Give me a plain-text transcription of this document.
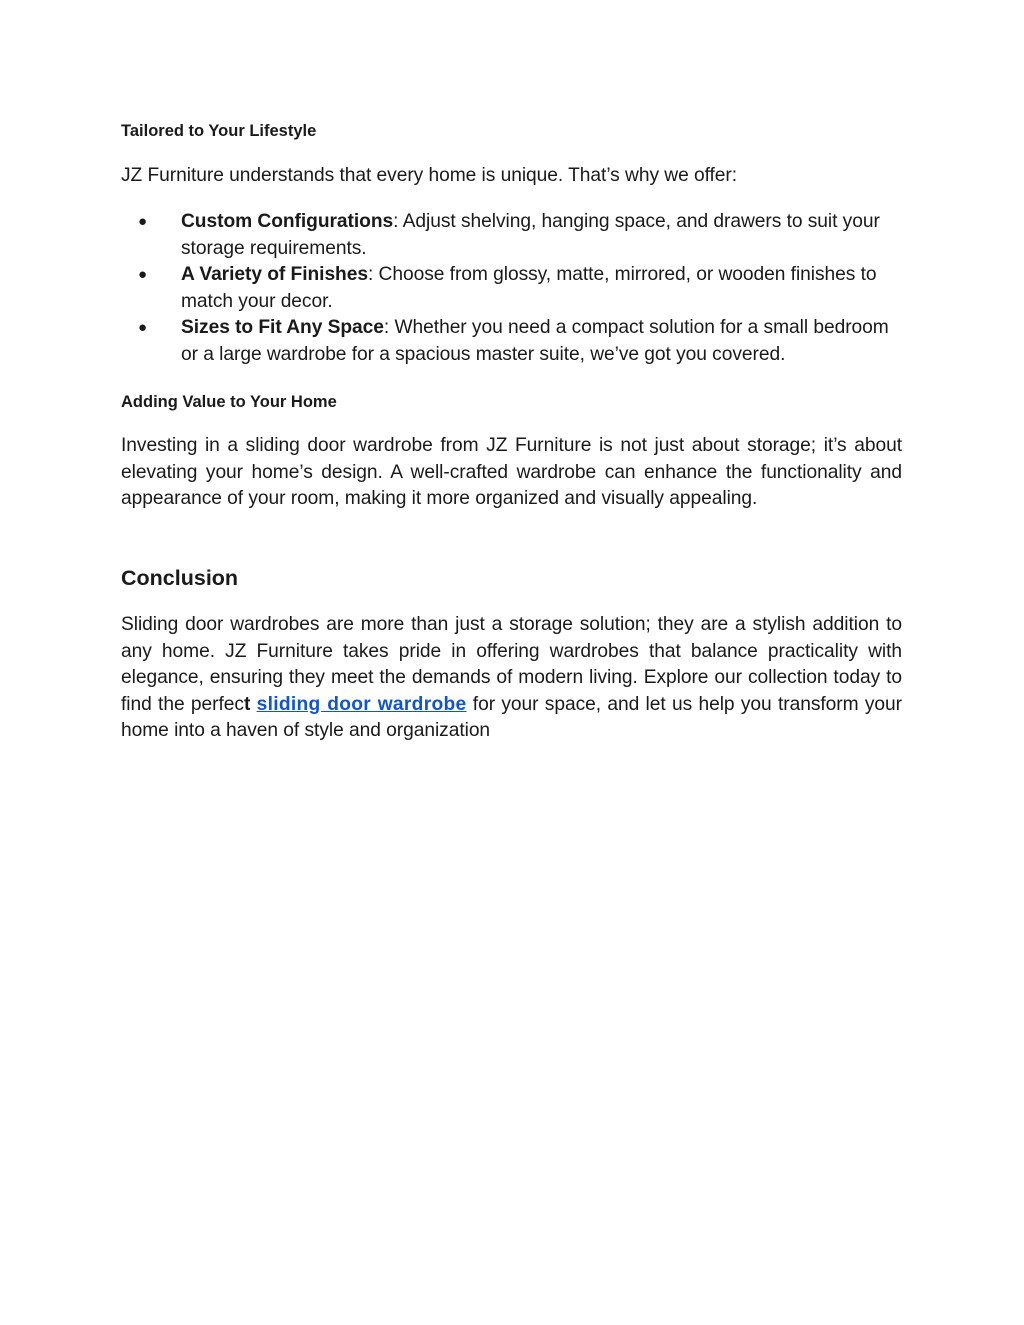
Tailored to Your Lifestyle
JZ Furniture understands that every home is unique. That’s why we offer:
● Custom Configurations: Adjust shelving, hanging space, and drawers to suit your storage requirements.
● A Variety of Finishes: Choose from glossy, matte, mirrored, or wooden finishes to match your decor.
● Sizes to Fit Any Space: Whether you need a compact solution for a small bedroom or a large wardrobe for a spacious master suite, we’ve got you covered.
Adding Value to Your Home
Investing in a sliding door wardrobe from JZ Furniture is not just about storage; it’s about elevating your home’s design. A well-crafted wardrobe can enhance the functionality and appearance of your room, making it more organized and visually appealing.
Conclusion
Sliding door wardrobes are more than just a storage solution; they are a stylish addition to any home. JZ Furniture takes pride in offering wardrobes that balance practicality with elegance, ensuring they meet the demands of modern living. Explore our collection today to find the perfect sliding door wardrobe for your space, and let us help you transform your home into a haven of style and organization
